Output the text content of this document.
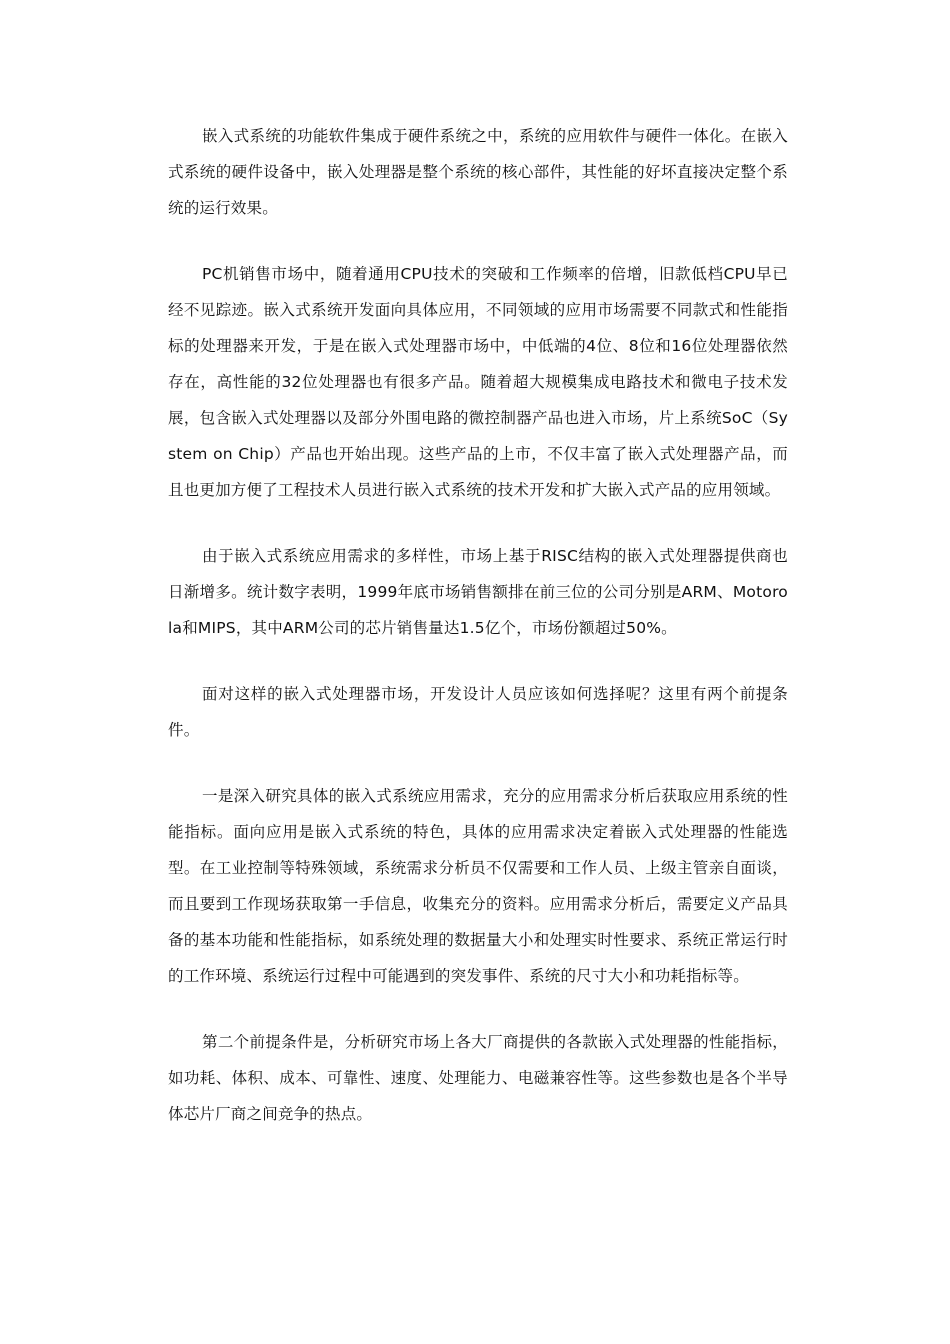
嵌入式系统的功能软件集成于硬件系统之中，系统的应用软件与硬件一体化。在嵌入式系统的硬件设备中，嵌入处理器是整个系统的核心部件，其性能的好坏直接决定整个系统的运行效果。

PC机销售市场中，随着通用CPU技术的突破和工作频率的倍增，旧款低档CPU早已经不见踪迹。嵌入式系统开发面向具体应用，不同领域的应用市场需要不同款式和性能指标的处理器来开发，于是在嵌入式处理器市场中，中低端的4位、8位和16位处理器依然存在，高性能的32位处理器也有很多产品。随着超大规模集成电路技术和微电子技术发展，包含嵌入式处理器以及部分外围电路的微控制器产品也进入市场，片上系统SoC（System on Chip）产品也开始出现。这些产品的上市，不仅丰富了嵌入式处理器产品，而且也更加方便了工程技术人员进行嵌入式系统的技术开发和扩大嵌入式产品的应用领域。

由于嵌入式系统应用需求的多样性，市场上基于RISC结构的嵌入式处理器提供商也日渐增多。统计数字表明，1999年底市场销售额排在前三位的公司分别是ARM、Motorola和MIPS，其中ARM公司的芯片销售量达1.5亿个，市场份额超过50%。

面对这样的嵌入式处理器市场，开发设计人员应该如何选择呢？这里有两个前提条件。

一是深入研究具体的嵌入式系统应用需求，充分的应用需求分析后获取应用系统的性能指标。面向应用是嵌入式系统的特色，具体的应用需求决定着嵌入式处理器的性能选型。在工业控制等特殊领域，系统需求分析员不仅需要和工作人员、上级主管亲自面谈，而且要到工作现场获取第一手信息，收集充分的资料。应用需求分析后，需要定义产品具备的基本功能和性能指标，如系统处理的数据量大小和处理实时性要求、系统正常运行时的工作环境、系统运行过程中可能遇到的突发事件、系统的尺寸大小和功耗指标等。

第二个前提条件是，分析研究市场上各大厂商提供的各款嵌入式处理器的性能指标，如功耗、体积、成本、可靠性、速度、处理能力、电磁兼容性等。这些参数也是各个半导体芯片厂商之间竞争的热点。
